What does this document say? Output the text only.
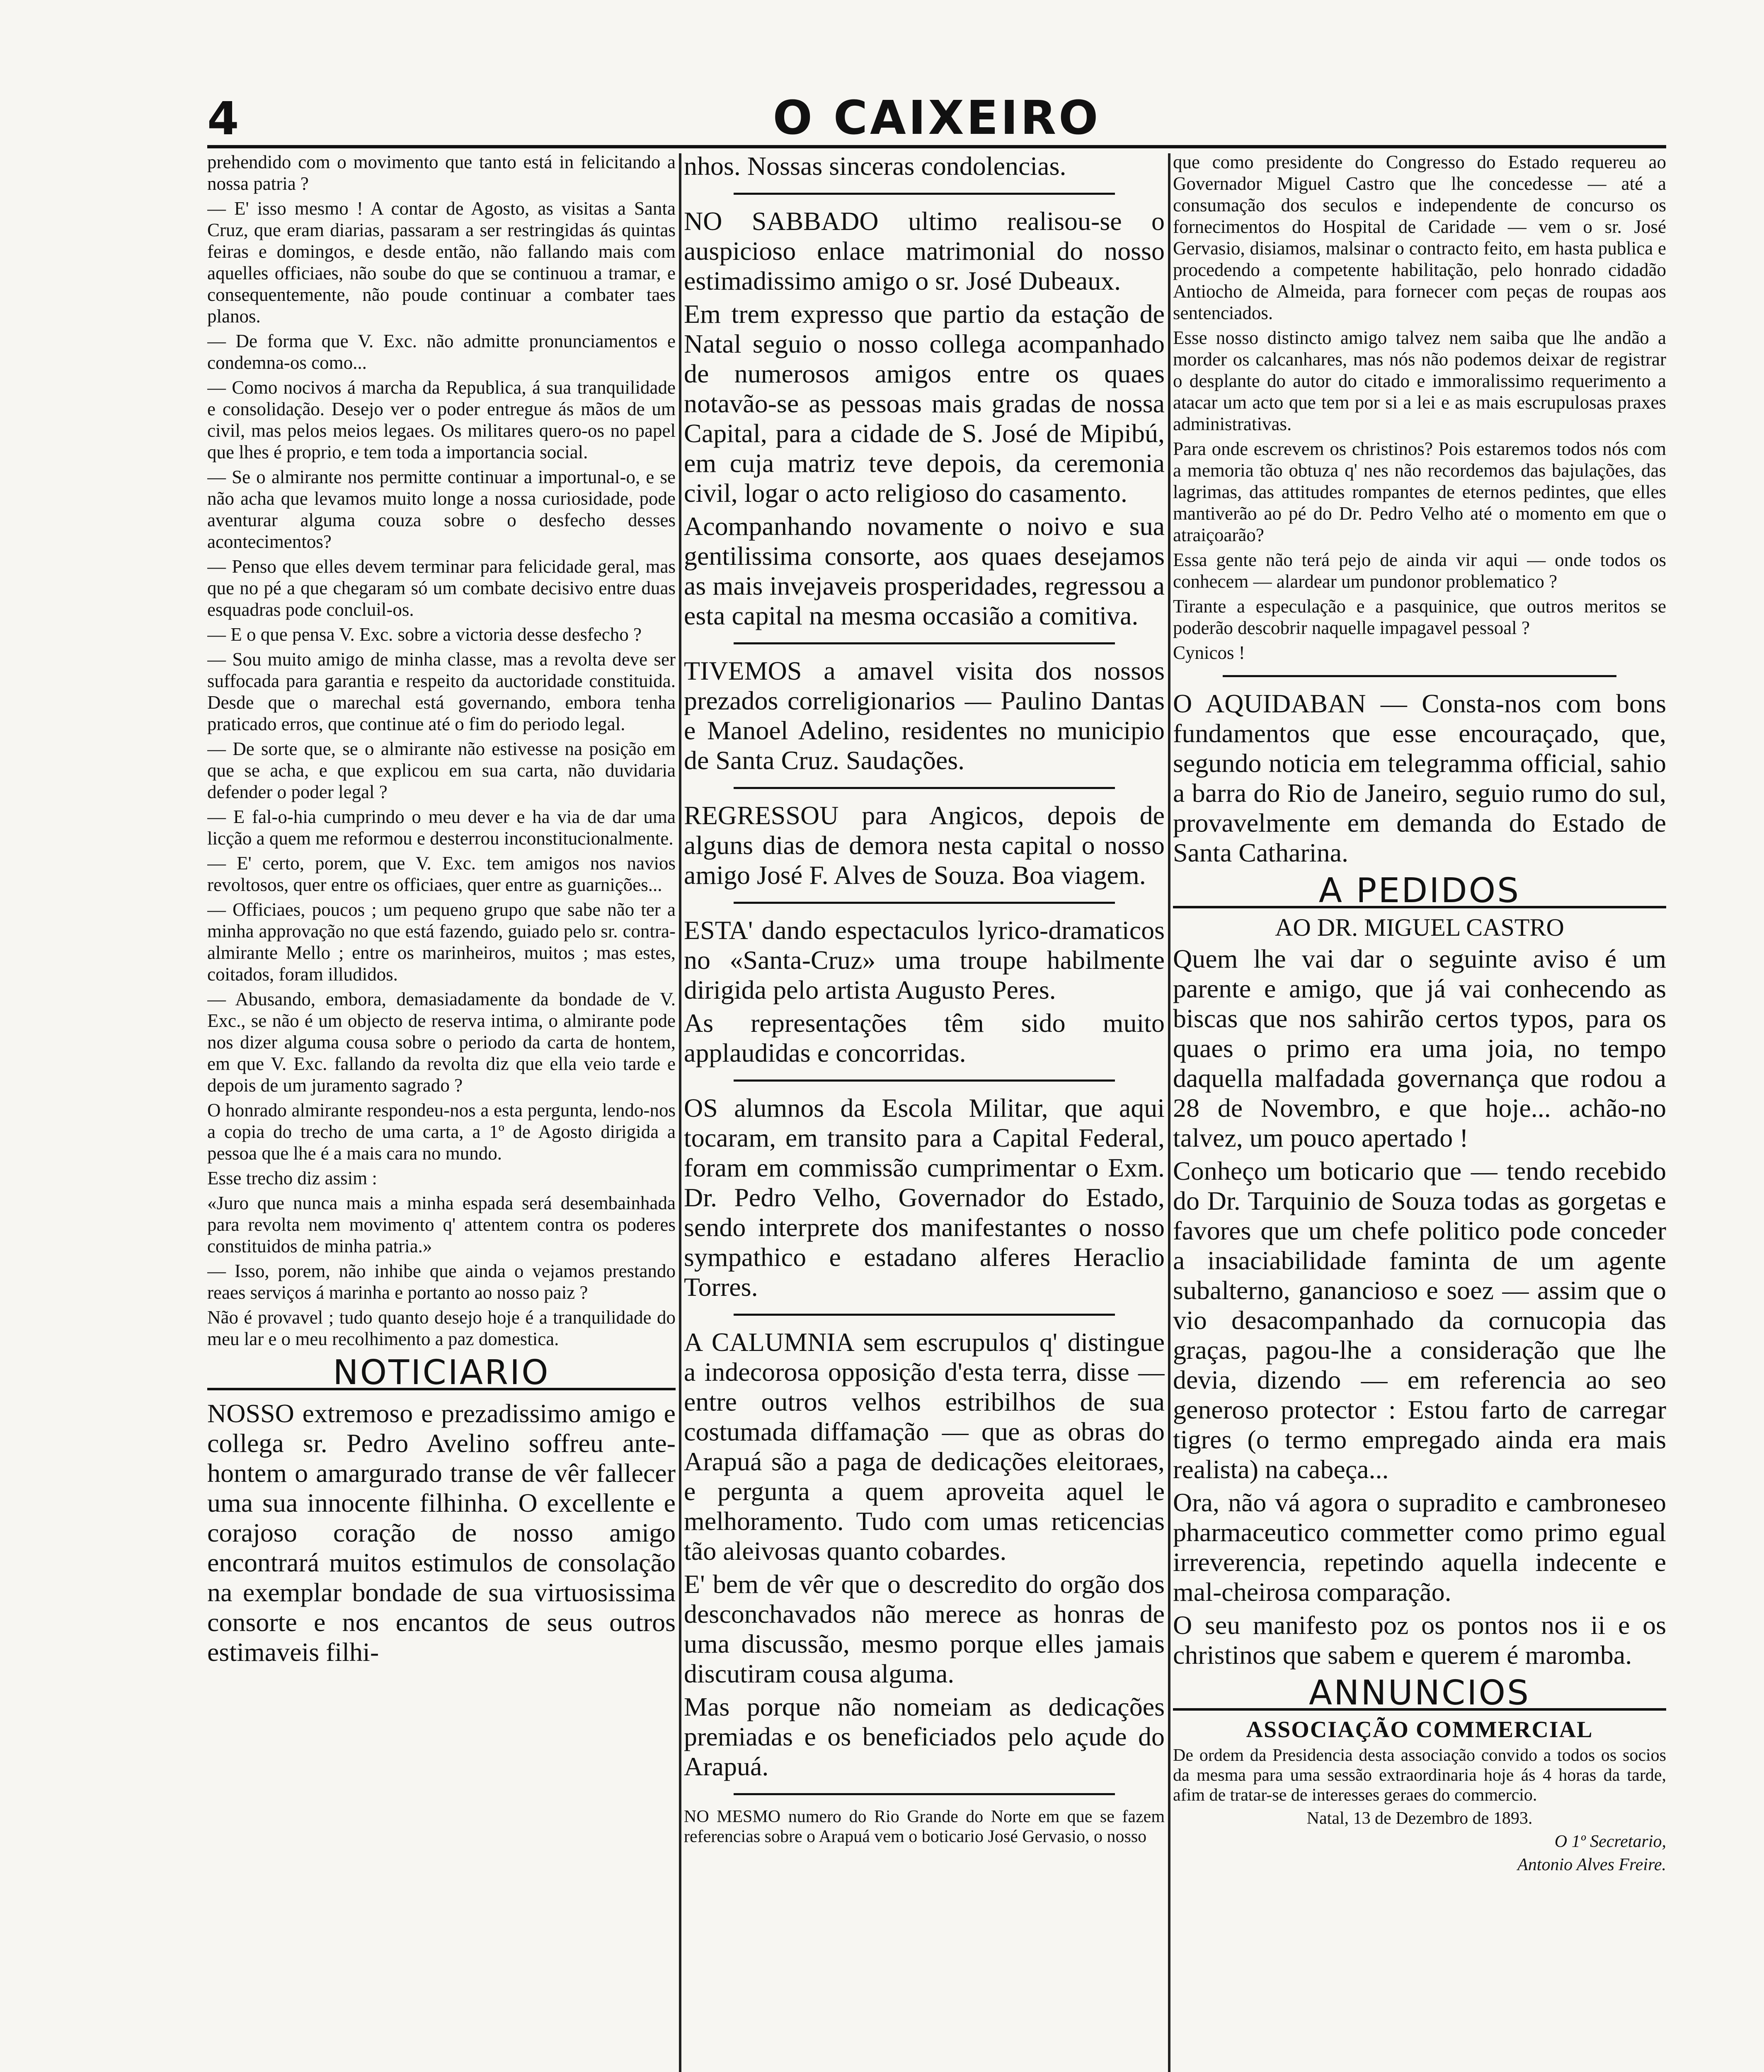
4	O CAIXEIRO

prehendido com o movimento que tanto está in felicitando a nossa patria ?

— E' isso mesmo ! A contar de Agosto, as visitas a Santa Cruz, que eram diarias, passaram a ser restringidas ás quintas feiras e domingos, e desde então, não fallando mais com aquelles officiaes, não soube do que se continuou a tramar, e consequentemente, não poude continuar a combater taes planos.

— De forma que V. Exc. não admitte pronunciamentos e condemna-os como...

— Como nocivos á marcha da Republica, á sua tranquilidade e consolidação. Desejo ver o poder entregue ás mãos de um civil, mas pelos meios legaes. Os militares quero-os no papel que lhes é proprio, e tem toda a importancia social.

— Se o almirante nos permitte continuar a importunal-o, e se não acha que levamos muito longe a nossa curiosidade, pode aventurar alguma couza sobre o desfecho desses acontecimentos?

— Penso que elles devem terminar para felicidade geral, mas que no pé a que chegaram só um combate decisivo entre duas esquadras pode concluil-os.

— E o que pensa V. Exc. sobre a victoria desse desfecho ?

— Sou muito amigo de minha classe, mas a revolta deve ser suffocada para garantia e respeito da auctoridade constituida. Desde que o marechal está governando, embora tenha praticado erros, que continue até o fim do periodo legal.

— De sorte que, se o almirante não estivesse na posição em que se acha, e que explicou em sua carta, não duvidaria defender o poder legal ?

— E fal-o-hia cumprindo o meu dever e ha via de dar uma licção a quem me reformou e desterrou inconstitucionalmente.

— E' certo, porem, que V. Exc. tem amigos nos navios revoltosos, quer entre os officiaes, quer entre as guarnições...

— Officiaes, poucos ; um pequeno grupo que sabe não ter a minha approvação no que está fazendo, guiado pelo sr. contra-almirante Mello ; entre os marinheiros, muitos ; mas estes, coitados, foram illudidos.

— Abusando, embora, demasiadamente da bondade de V. Exc., se não é um objecto de reserva intima, o almirante pode nos dizer alguma cousa sobre o periodo da carta de hontem, em que V. Exc. fallando da revolta diz que ella veio tarde e depois de um juramento sagrado ?

O honrado almirante respondeu-nos a esta pergunta, lendo-nos a copia do trecho de uma carta, a 1º de Agosto dirigida a pessoa que lhe é a mais cara no mundo.

Esse trecho diz assim :

«Juro que nunca mais a minha espada será desembainhada para revolta nem movimento q' attentem contra os poderes constituidos de minha patria.»

— Isso, porem, não inhibe que ainda o vejamos prestando reaes serviços á marinha e portanto ao nosso paiz ?

Não é provavel ; tudo quanto desejo hoje é a tranquilidade do meu lar e o meu recolhimento a paz domestica.

NOTICIARIO

NOSSO extremoso e prezadissimo amigo e collega sr. Pedro Avelino soffreu ante-hontem o amargurado transe de vêr fallecer uma sua innocente filhinha. O excellente e corajoso coração de nosso amigo encontrará muitos estimulos de consolação na exemplar bondade de sua virtuosissima consorte e nos encantos de seus outros estimaveis filhi-

nhos. Nossas sinceras condolencias.

NO SABBADO ultimo realisou-se o auspicioso enlace matrimonial do nosso estimadissimo amigo o sr. José Dubeaux.

Em trem expresso que partio da estação de Natal seguio o nosso collega acompanhado de numerosos amigos entre os quaes notavão-se as pessoas mais gradas de nossa Capital, para a cidade de S. José de Mipibú, em cuja matriz teve depois, da ceremonia civil, logar o acto religioso do casamento.

Acompanhando novamente o noivo e sua gentilissima consorte, aos quaes desejamos as mais invejaveis prosperidades, regressou a esta capital na mesma occasião a comitiva.

TIVEMOS a amavel visita dos nossos prezados correligionarios — Paulino Dantas e Manoel Adelino, residentes no municipio de Santa Cruz. Saudações.

REGRESSOU para Angicos, depois de alguns dias de demora nesta capital o nosso amigo José F. Alves de Souza. Boa viagem.

ESTA' dando espectaculos lyrico-dramaticos no «Santa-Cruz» uma troupe habilmente dirigida pelo artista Augusto Peres.

As representações têm sido muito applaudidas e concorridas.

OS alumnos da Escola Militar, que aqui tocaram, em transito para a Capital Federal, foram em commissão cumprimentar o Exm. Dr. Pedro Velho, Governador do Estado, sendo interprete dos manifestantes o nosso sympathico e estadano alferes Heraclio Torres.

A CALUMNIA sem escrupulos q' distingue a indecorosa opposição d'esta terra, disse — entre outros velhos estribilhos de sua costumada diffamação — que as obras do Arapuá são a paga de dedicações eleitoraes, e pergunta a quem aproveita aquel le melhoramento. Tudo com umas reticencias tão aleivosas quanto cobardes.

E' bem de vêr que o descredito do orgão dos desconchavados não merece as honras de uma discussão, mesmo porque elles jamais discutiram cousa alguma.

Mas porque não nomeiam as dedicações premiadas e os beneficiados pelo açude do Arapuá.

NO MESMO numero do Rio Grande do Norte em que se fazem referencias sobre o Arapuá vem o boticario José Gervasio, o nosso

que como presidente do Congresso do Estado requereu ao Governador Miguel Castro que lhe concedesse — até a consumação dos seculos e independente de concurso os fornecimentos do Hospital de Caridade — vem o sr. José Gervasio, disiamos, malsinar o contracto feito, em hasta publica e procedendo a competente habilitação, pelo honrado cidadão Antiocho de Almeida, para fornecer com peças de roupas aos sentenciados.

Esse nosso distincto amigo talvez nem saiba que lhe andão a morder os calcanhares, mas nós não podemos deixar de registrar o desplante do autor do citado e immoralissimo requerimento a atacar um acto que tem por si a lei e as mais escrupulosas praxes administrativas.

Para onde escrevem os christinos? Pois estaremos todos nós com a memoria tão obtuza q' nes não recordemos das bajulações, das lagrimas, das attitudes rompantes de eternos pedintes, que elles mantiverão ao pé do Dr. Pedro Velho até o momento em que o atraiçoarão?

Essa gente não terá pejo de ainda vir aqui — onde todos os conhecem — alardear um pundonor problematico ?

Tirante a especulação e a pasquinice, que outros meritos se poderão descobrir naquelle impagavel pessoal ?

Cynicos !

O AQUIDABAN — Consta-nos com bons fundamentos que esse encouraçado, que, segundo noticia em telegramma official, sahio a barra do Rio de Janeiro, seguio rumo do sul, provavelmente em demanda do Estado de Santa Catharina.

A PEDIDOS
AO DR. MIGUEL CASTRO

Quem lhe vai dar o seguinte aviso é um parente e amigo, que já vai conhecendo as biscas que nos sahirão certos typos, para os quaes o primo era uma joia, no tempo daquella malfadada governança que rodou a 28 de Novembro, e que hoje... achão-no talvez, um pouco apertado !

Conheço um boticario que — tendo recebido do Dr. Tarquinio de Souza todas as gorgetas e favores que um chefe politico pode conceder a insaciabilidade faminta de um agente subalterno, ganancioso e soez — assim que o vio desacompanhado da cornucopia das graças, pagou-lhe a consideração que lhe devia, dizendo — em referencia ao seo generoso protector : Estou farto de carregar tigres (o termo empregado ainda era mais realista) na cabeça...

Ora, não vá agora o supradito e cambroneseo pharmaceutico commetter como primo egual irreverencia, repetindo aquella indecente e mal-cheirosa comparação.

O seu manifesto poz os pontos nos ii e os christinos que sabem e querem é maromba.

ANNUNCIOS
ASSOCIAÇÃO COMMERCIAL

De ordem da Presidencia desta associação convido a todos os socios da mesma para uma sessão extraordinaria hoje ás 4 horas da tarde, afim de tratar-se de interesses geraes do commercio.

Natal, 13 de Dezembro de 1893.

O 1º Secretario,

Antonio Alves Freire.
